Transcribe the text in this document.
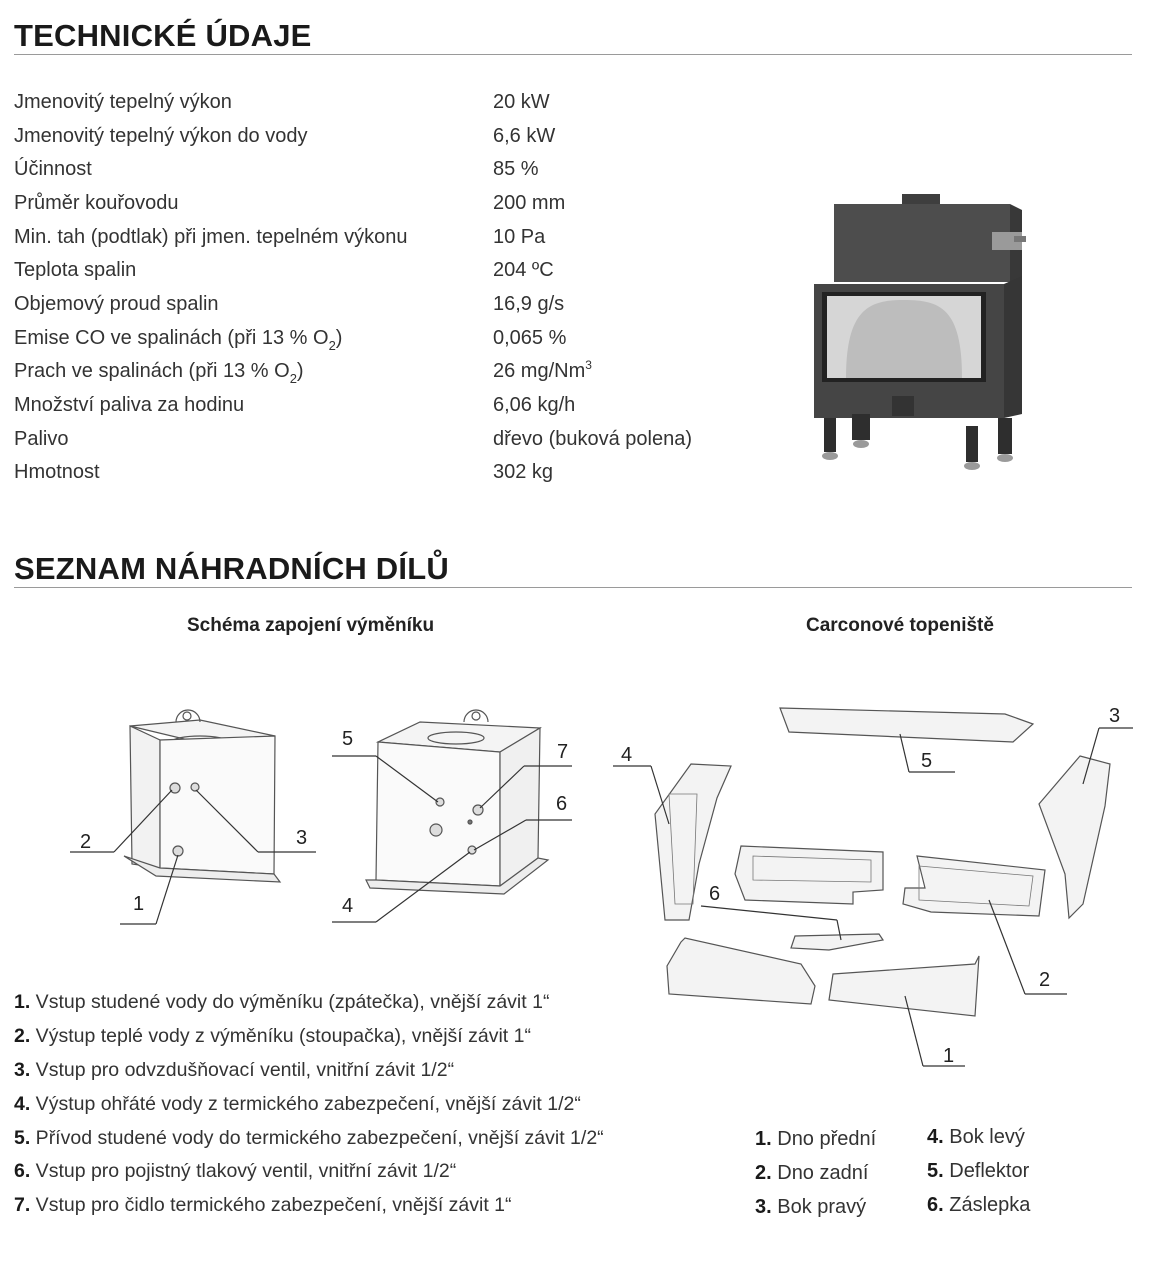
TECHNICKÉ ÚDAJE
Jmenovitý tepelný výkon	20 kW
Jmenovitý tepelný výkon do vody	6,6 kW
Účinnost	85 %
Průměr kouřovodu	200 mm
Min. tah (podtlak) při jmen. tepelném výkonu	10 Pa
Teplota spalin	204 ºC
Objemový proud spalin	16,9 g/s
Emise CO ve spalinách (při 13 % $O_2$)	0,065 %
Prach ve spalinách (při 13 % $O_2$)	26 mg/Nm$^3$
Množství paliva za hodinu	6,06 kg/h
Palivo	dřevo (buková polena)
Hmotnost	302 kg
SEZNAM NÁHRADNÍCH DÍLŮ
Schéma zapojení výměníku	Carconové topeniště
1
2	3
4
5
6
7
1
2
3
4	5
6
1. Vstup studené vody do výměníku (zpátečka), vnější závit 1“
2. Výstup teplé vody z výměníku (stoupačka), vnější závit 1“
3. Vstup pro odvzdušňovací ventil, vnitřní závit 1/2“
4. Výstup ohřáté vody z termického zabezpečení, vnější závit 1/2“
5. Přívod studené vody do termického zabezpečení, vnější závit 1/2“
6. Vstup pro pojistný tlakový ventil, vnitřní závit 1/2“
7. Vstup pro čidlo termického zabezpečení, vnější závit 1“
1. Dno přední
2. Dno zadní
3. Bok pravý
4. Bok levý
5. Deflektor
6. Záslepka
